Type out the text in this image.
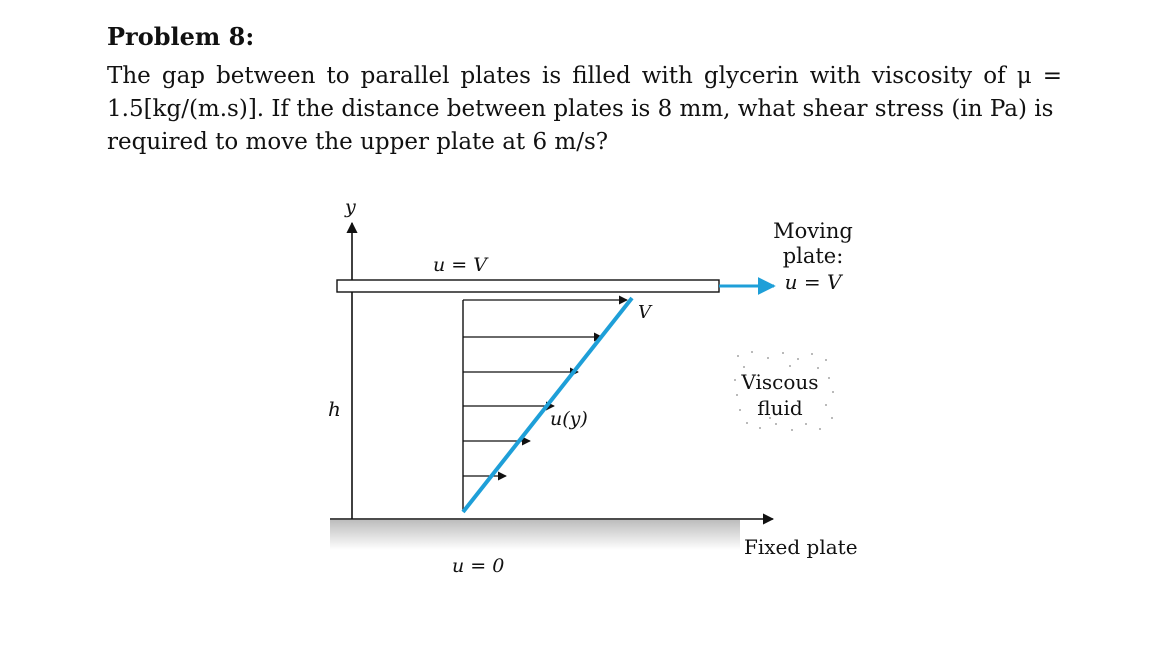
Problem 8:
The gap between to parallel plates is filled with glycerin with viscosity of μ =
1.5[kg/(m.s)]. If the distance between plates is 8 mm, what shear stress (in Pa) is
required to move the upper plate at 6 m/s?
y
h
u = V
V
u(y)
u = 0
Moving
plate:
u = V
Viscous
fluid
Fixed plate
